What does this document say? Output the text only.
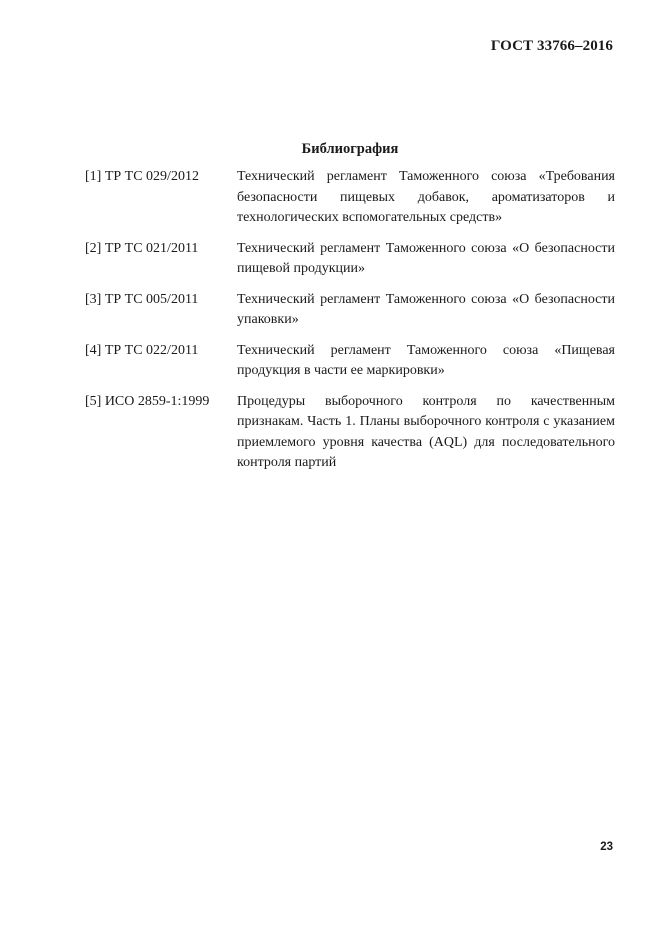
ГОСТ 33766–2016
Библиография
[1] ТР ТС 029/2012	Технический регламент Таможенного союза «Требования безопасности пищевых добавок, ароматизаторов и технологических вспомогательных средств»
[2] ТР ТС 021/2011	Технический регламент Таможенного союза «О безопасности пищевой продукции»
[3] ТР ТС 005/2011	Технический регламент Таможенного союза «О безопасности упаковки»
[4] ТР ТС 022/2011	Технический регламент Таможенного союза «Пищевая продукция в части ее маркировки»
[5] ИСО 2859-1:1999	Процедуры выборочного контроля по качественным признакам. Часть 1. Планы выборочного контроля с указанием приемлемого уровня качества (AQL) для последовательного контроля партий
23
